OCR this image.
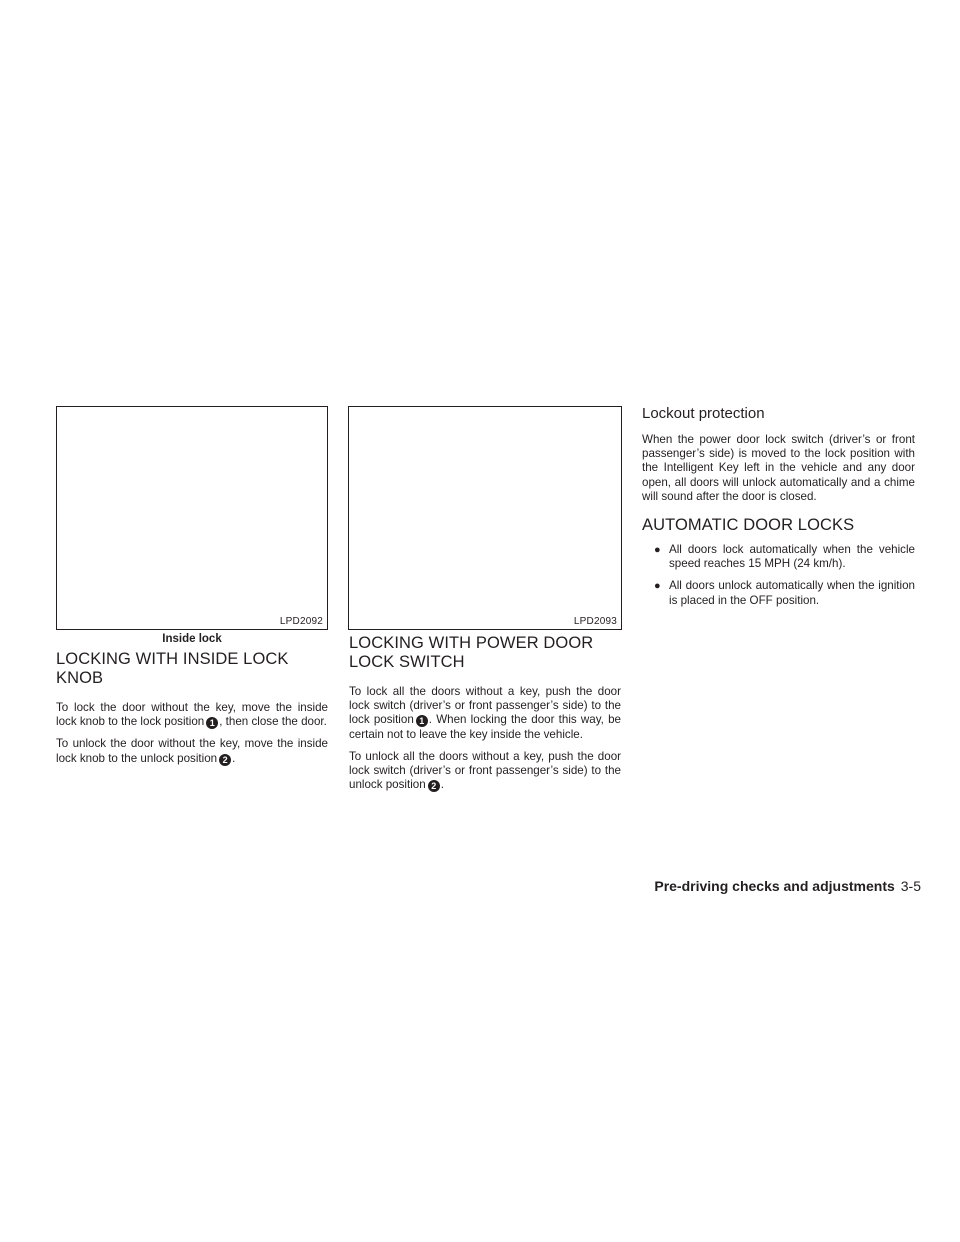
LPD2092
Inside lock
LOCKING WITH INSIDE LOCK KNOB

To lock the door without the key, move the inside lock knob to the lock position 1 , then close the door.

To unlock the door without the key, move the inside lock knob to the unlock position 2 .

LPD2093
LOCKING WITH POWER DOOR LOCK SWITCH

To lock all the doors without a key, push the door lock switch (driver’s or front passenger’s side) to the lock position 1 . When locking the door this way, be certain not to leave the key inside the vehicle.

To unlock all the doors without a key, push the door lock switch (driver’s or front passenger’s side) to the unlock position 2 .

Lockout protection

When the power door lock switch (driver’s or front passenger’s side) is moved to the lock position with the Intelligent Key left in the vehicle and any door open, all doors will unlock automatically and a chime will sound after the door is closed.

AUTOMATIC DOOR LOCKS
● All doors lock automatically when the vehicle speed reaches 15 MPH (24 km/h).
● All doors unlock automatically when the ignition is placed in the OFF position.
Pre-driving checks and adjustments 3-5
